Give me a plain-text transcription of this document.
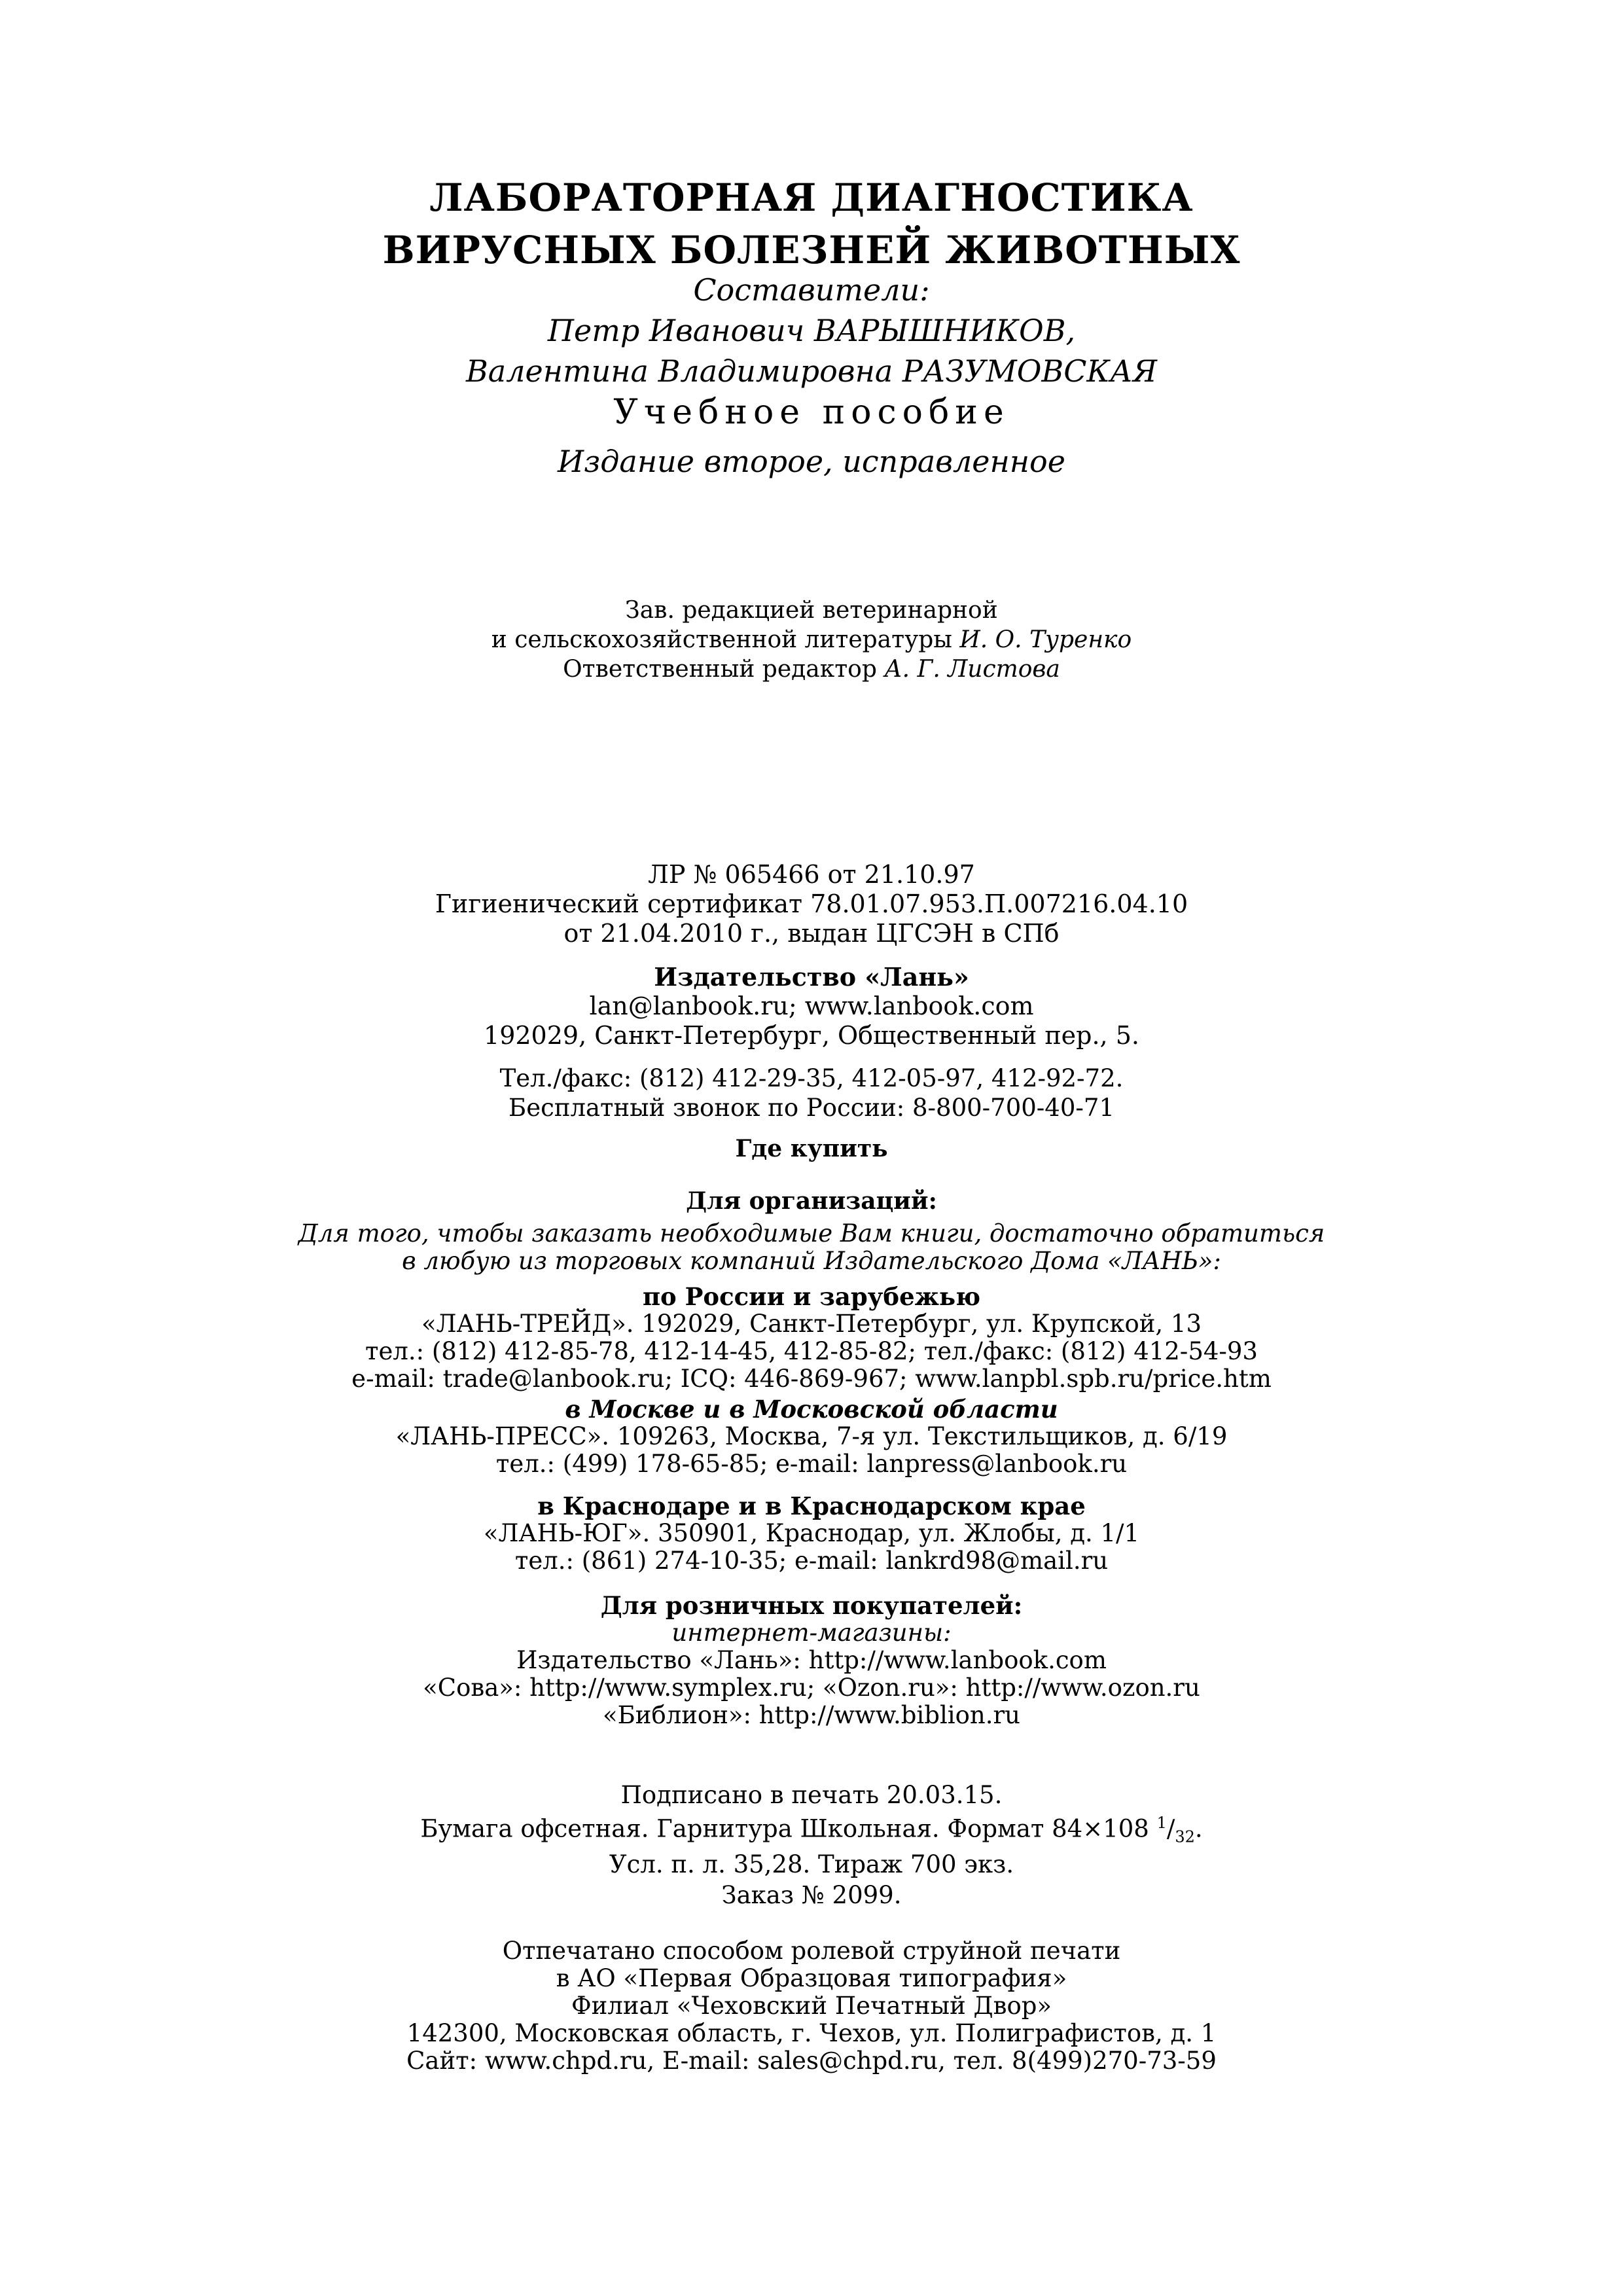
ЛАБОРАТОРНАЯ ДИАГНОСТИКА
ВИРУСНЫХ БОЛЕЗНЕЙ ЖИВОТНЫХ
Составители:
Петр Иванович ВАРЫШНИКОВ,
Валентина Владимировна РАЗУМОВСКАЯ
Учебное пособие
Издание второе, исправленное
Зав. редакцией ветеринарной
и сельскохозяйственной литературы И. О. Туренко
Ответственный редактор А. Г. Листова
ЛР № 065466 от 21.10.97
Гигиенический сертификат 78.01.07.953.П.007216.04.10
от 21.04.2010 г., выдан ЦГСЭН в СПб
Издательство «Лань»
lan@lanbook.ru; www.lanbook.com
192029, Санкт-Петербург, Общественный пер., 5.
Тел./факс: (812) 412-29-35, 412-05-97, 412-92-72.
Бесплатный звонок по России: 8-800-700-40-71
Где купить
Для организаций:
Для того, чтобы заказать необходимые Вам книги, достаточно обратиться
в любую из торговых компаний Издательского Дома «ЛАНЬ»:
по России и зарубежью
«ЛАНЬ-ТРЕЙД». 192029, Санкт-Петербург, ул. Крупской, 13
тел.: (812) 412-85-78, 412-14-45, 412-85-82; тел./факс: (812) 412-54-93
e-mail: trade@lanbook.ru; ICQ: 446-869-967; www.lanpbl.spb.ru/price.htm
в Москве и в Московской области
«ЛАНЬ-ПРЕСС». 109263, Москва, 7-я ул. Текстильщиков, д. 6/19
тел.: (499) 178-65-85; e-mail: lanpress@lanbook.ru
в Краснодаре и в Краснодарском крае
«ЛАНЬ-ЮГ». 350901, Краснодар, ул. Жлобы, д. 1/1
тел.: (861) 274-10-35; e-mail: lankrd98@mail.ru
Для розничных покупателей:
интернет-магазины:
Издательство «Лань»: http://www.lanbook.com
«Сова»: http://www.symplex.ru; «Ozon.ru»: http://www.ozon.ru
«Библион»: http://www.biblion.ru
Подписано в печать 20.03.15.
Бумага офсетная. Гарнитура Школьная. Формат 84×108 $^1/_{32}$.
Усл. п. л. 35,28. Тираж 700 экз.
Заказ № 2099.
Отпечатано способом ролевой струйной печати
в АО «Первая Образцовая типография»
Филиал «Чеховский Печатный Двор»
142300, Московская область, г. Чехов, ул. Полиграфистов, д. 1
Сайт: www.chpd.ru, E-mail: sales@chpd.ru, тел. 8(499)270-73-59
